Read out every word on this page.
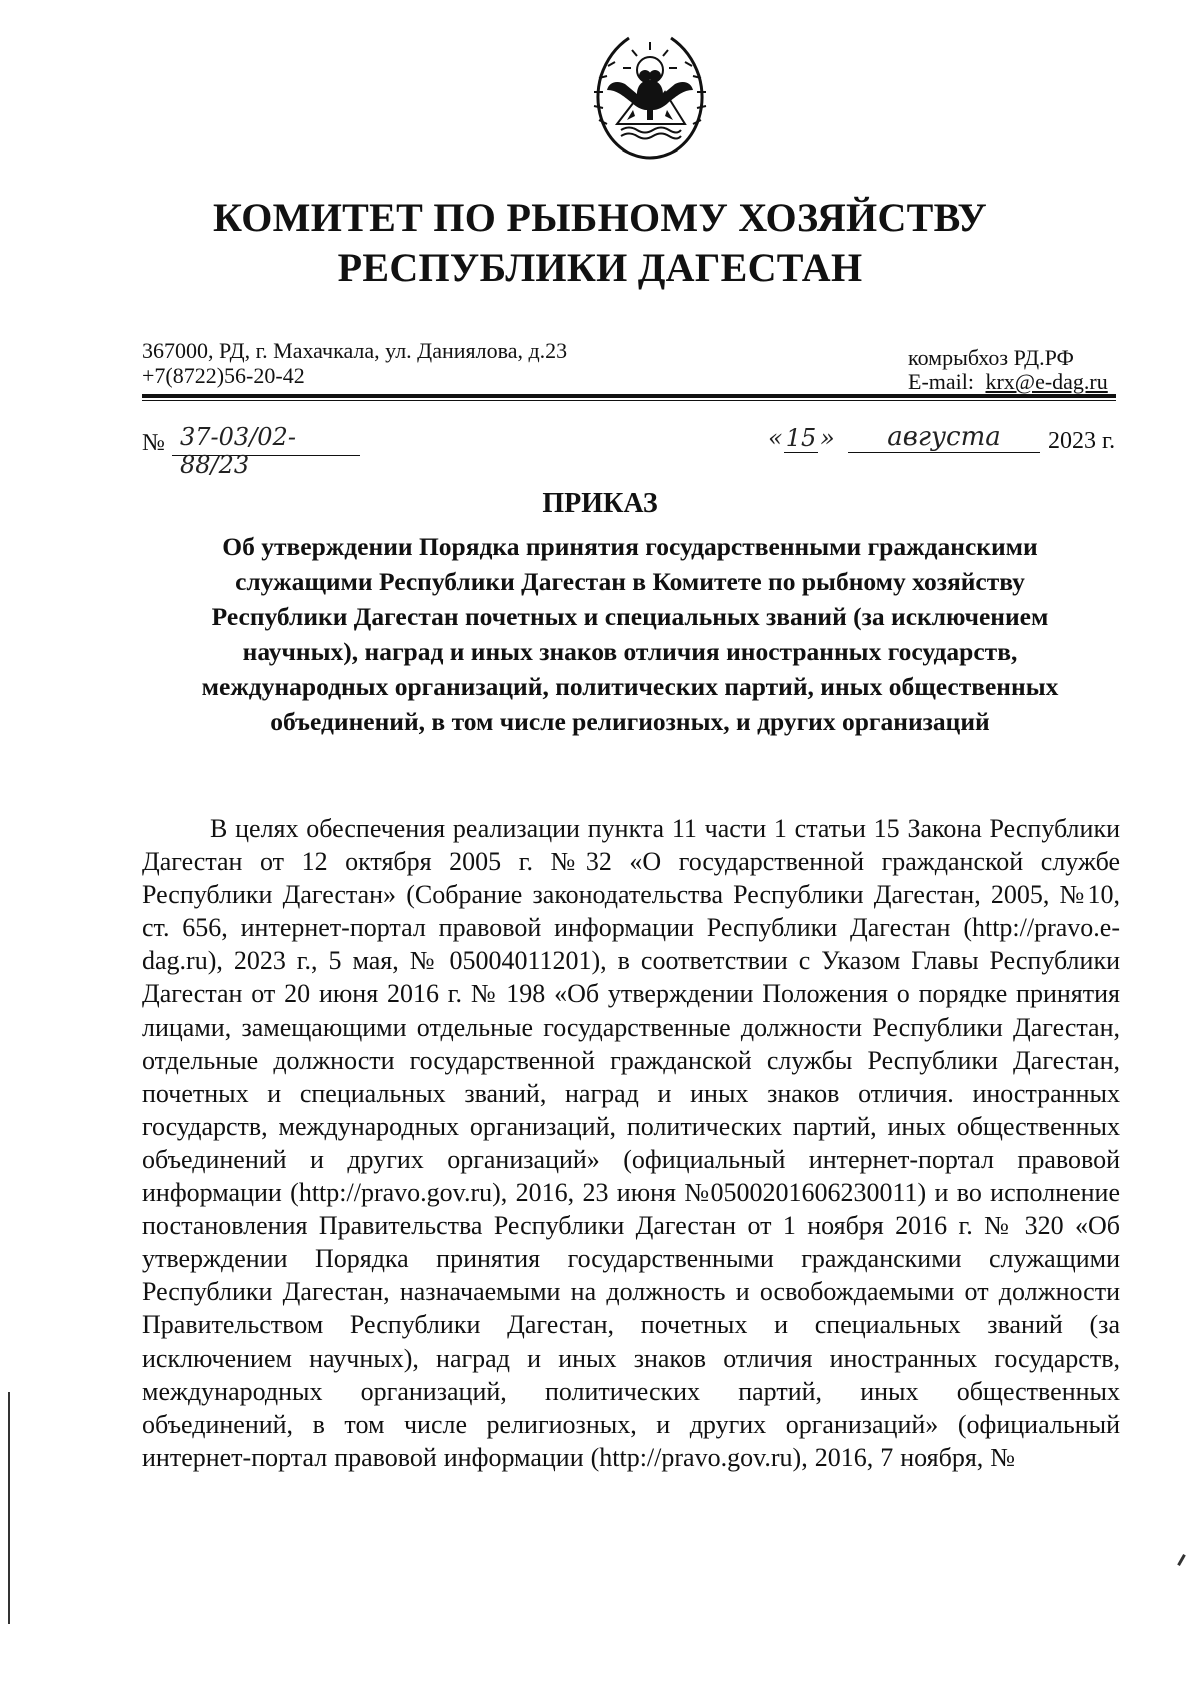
КОМИТЕТ ПО РЫБНОМУ ХОЗЯЙСТВУ
РЕСПУБЛИКИ ДАГЕСТАН
367000, РД, г. Махачкала, ул. Даниялова, д.23
+7(8722)56-20-42
комрыбхоз РД.РФ
E-mail: krx@e-dag.ru
№ 37-03/02-88/23
« 15 »	августа	2023 г.
ПРИКАЗ
Об утверждении Порядка принятия государственными гражданскими
служащими Республики Дагестан в Комитете по рыбному хозяйству
Республики Дагестан почетных и специальных званий (за исключением
научных), наград и иных знаков отличия иностранных государств,
международных организаций, политических партий, иных общественных
объединений, в том числе религиозных, и других организаций
В целях обеспечения реализации пункта 11 части 1 статьи 15 Закона Республики Дагестан от 12 октября 2005 г. №32 «О государственной гражданской службе Республики Дагестан» (Собрание законодательства Республики Дагестан, 2005, №10, ст. 656, интернет-портал правовой информации Республики Дагестан (http://pravo.e-dag.ru), 2023 г., 5 мая, № 05004011201), в соответствии с Указом Главы Республики Дагестан от 20 июня 2016 г. № 198 «Об утверждении Положения о порядке принятия лицами, замещающими отдельные государственные должности Республики Дагестан, отдельные должности государственной гражданской службы Республики Дагестан, почетных и специальных званий, наград и иных знаков отличия. иностранных государств, международных организаций, политических партий, иных общественных объединений и других организаций» (официальный интернет-портал правовой информации (http://pravo.gov.ru), 2016, 23 июня №0500201606230011) и во исполнение постановления Правительства Республики Дагестан от 1 ноября 2016 г. № 320 «Об утверждении Порядка принятия государственными гражданскими служащими Республики Дагестан, назначаемыми на должность и освобождаемыми от должности Правительством Республики Дагестан, почетных и специальных званий (за исключением научных), наград и иных знаков отличия иностранных государств, международных организаций, политических партий, иных общественных объединений, в том числе религиозных, и других организаций» (официальный интернет-портал правовой информации (http://pravo.gov.ru), 2016, 7 ноября, №
